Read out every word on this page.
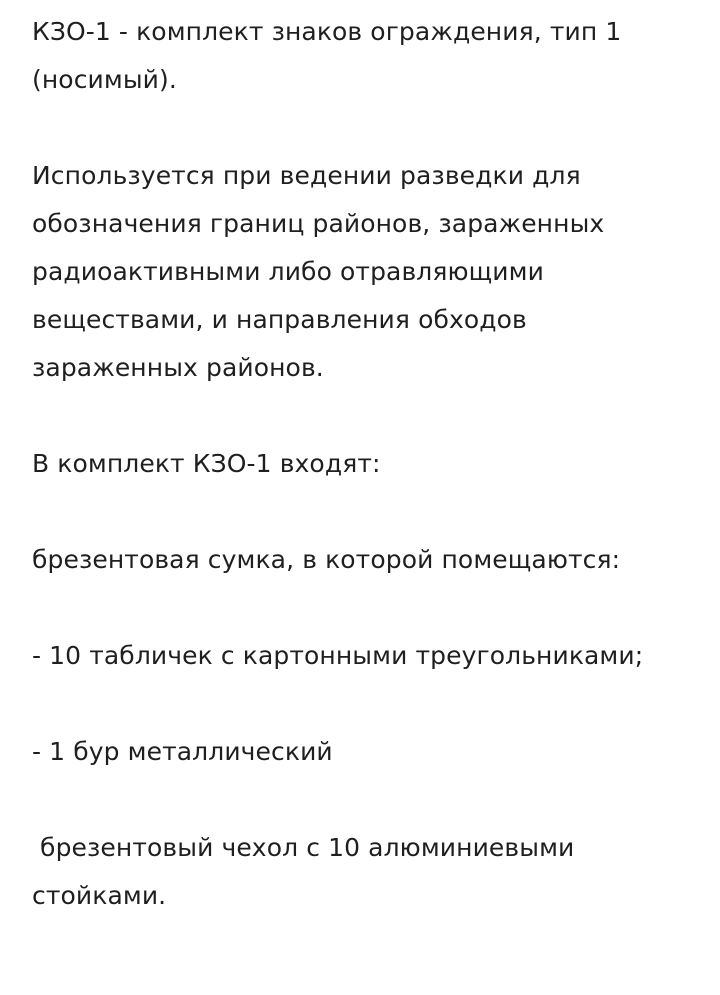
КЗО-1 - комплект знаков ограждения, тип 1 (носимый).

Используется при ведении разведки для обозначения границ районов, зараженных радиоактивными либо отравляющими веществами, и направления обходов зараженных районов.

В комплект КЗО-1 входят:

брезентовая сумка, в которой помещаются:

- 10 табличек с картонными треугольниками;

- 1 бур металлический

брезентовый чехол с 10 алюминиевыми стойками.
